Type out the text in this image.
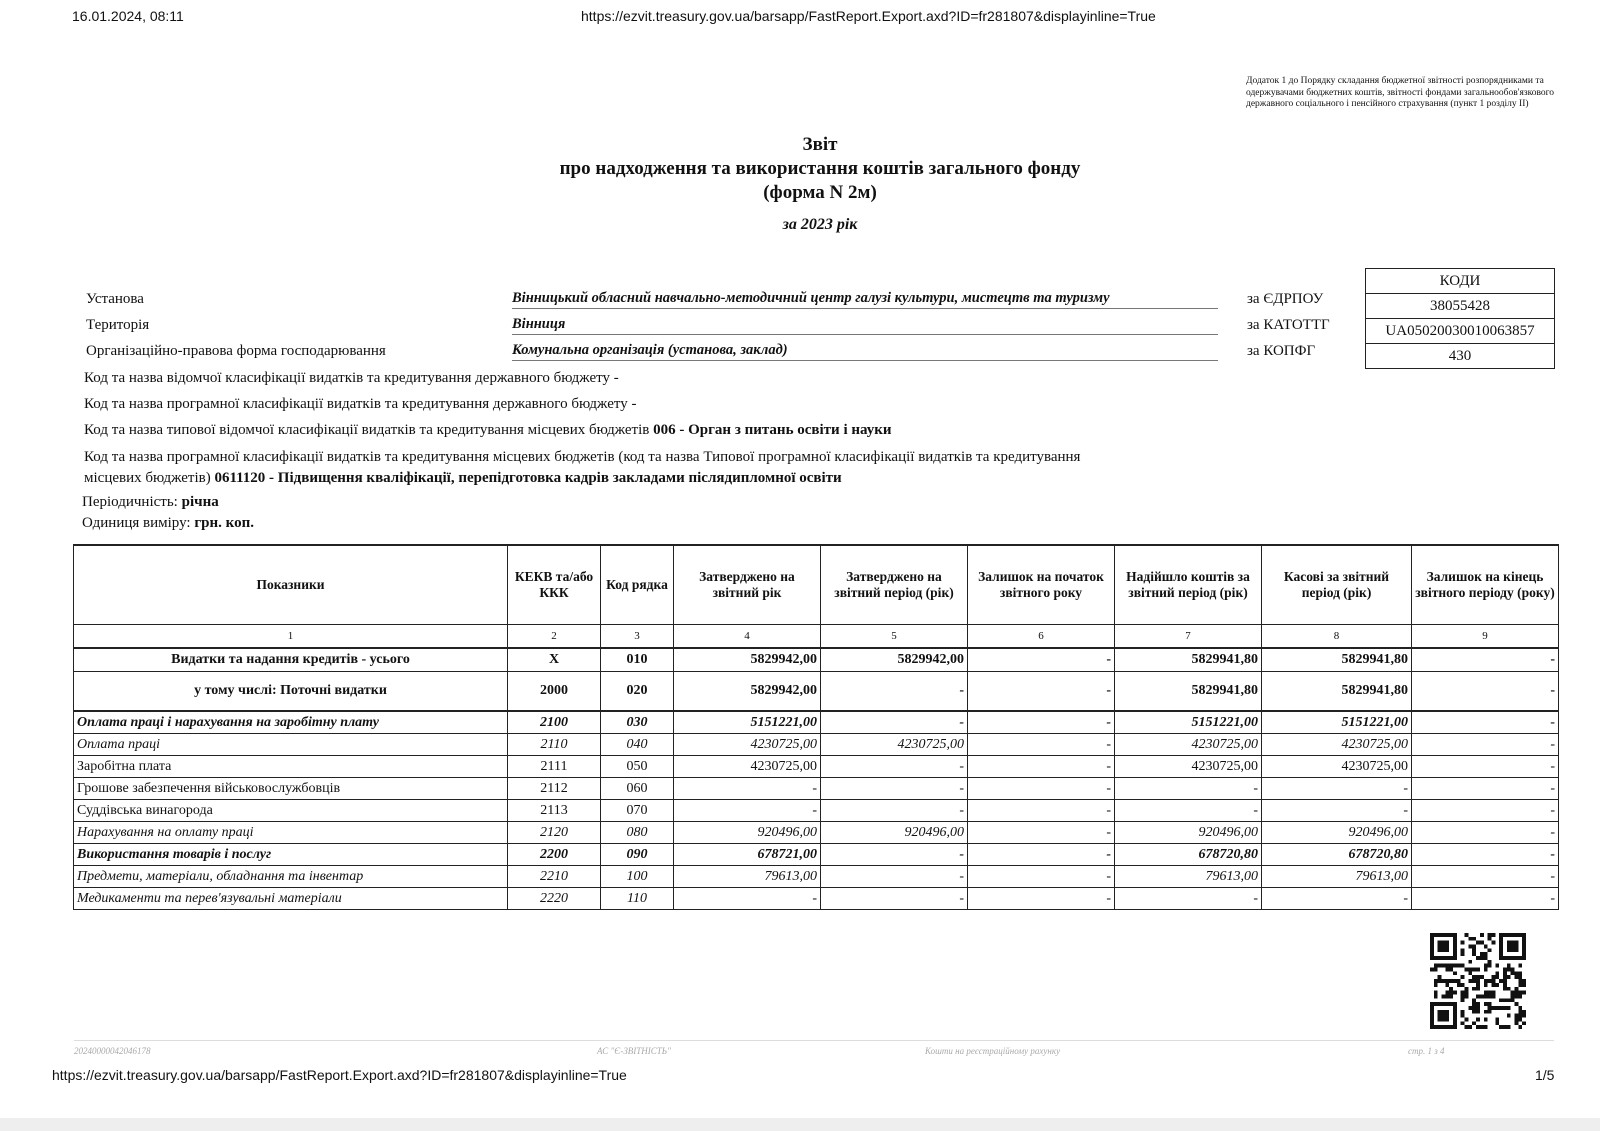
16.01.2024, 08:11	https://ezvit.treasury.gov.ua/barsapp/FastReport.Export.axd?ID=fr281807&displayinline=True
Додаток 1 до Порядку складання бюджетної звітності розпорядниками та одержувачами бюджетних коштів, звітності фондами загальнообов'язкового державного соціального і пенсійного страхування (пункт 1 розділу II)
Звіт
про надходження та використання коштів загального фонду
(форма N 2м)
за 2023 рік
Установа	Вінницький обласний навчально-методичний центр галузі культури, мистецтв та туризму	за ЄДРПОУ
Територія	Вінниця	за КАТОТТГ
Організаційно-правова форма господарювання	Комунальна організація (установа, заклад)	за КОПФГ
КОДИ
38055428
UA05020030010063857
430
Код та назва відомчої класифікації видатків та кредитування державного бюджету -
Код та назва програмної класифікації видатків та кредитування державного бюджету -
Код та назва типової відомчої класифікації видатків та кредитування місцевих бюджетів 006 - Орган з питань освіти і науки
Код та назва програмної класифікації видатків та кредитування місцевих бюджетів (код та назва Типової програмної класифікації видатків та кредитування
місцевих бюджетів) 0611120 - Підвищення кваліфікації, перепідготовка кадрів закладами післядипломної освіти
Періодичність: річна
Одиниця виміру: грн. коп.
Показники	КЕКВ та/або ККК	Код рядка	Затверджено на звітний рік	Затверджено на звітний період (рік)	Залишок на початок звітного року	Надійшло коштів за звітний період (рік)	Касові за звітний період (рік)	Залишок на кінець звітного періоду (року)
1	2	3	4	5	6	7	8	9
Видатки та надання кредитів - усього	X	010	5829942,00	5829942,00	-	5829941,80	5829941,80	-
у тому числі: Поточні видатки	2000	020	5829942,00	-	-	5829941,80	5829941,80	-
Оплата праці і нарахування на заробітну плату	2100	030	5151221,00	-	-	5151221,00	5151221,00	-
Оплата праці	2110	040	4230725,00	4230725,00	-	4230725,00	4230725,00	-
Заробітна плата	2111	050	4230725,00	-	-	4230725,00	4230725,00	-
Грошове забезпечення військовослужбовців	2112	060	-	-	-	-	-	-
Суддівська винагорода	2113	070	-	-	-	-	-	-
Нарахування на оплату праці	2120	080	920496,00	920496,00	-	920496,00	920496,00	-
Використання товарів і послуг	2200	090	678721,00	-	-	678720,80	678720,80	-
Предмети, матеріали, обладнання та інвентар	2210	100	79613,00	-	-	79613,00	79613,00	-
Медикаменти та перев'язувальні матеріали	2220	110	-	-	-	-	-	-
20240000042046178	АС "Є-ЗВІТНІСТЬ"	Кошти на реєстраційному рахунку	стр. 1 з 4
https://ezvit.treasury.gov.ua/barsapp/FastReport.Export.axd?ID=fr281807&displayinline=True	1/5
